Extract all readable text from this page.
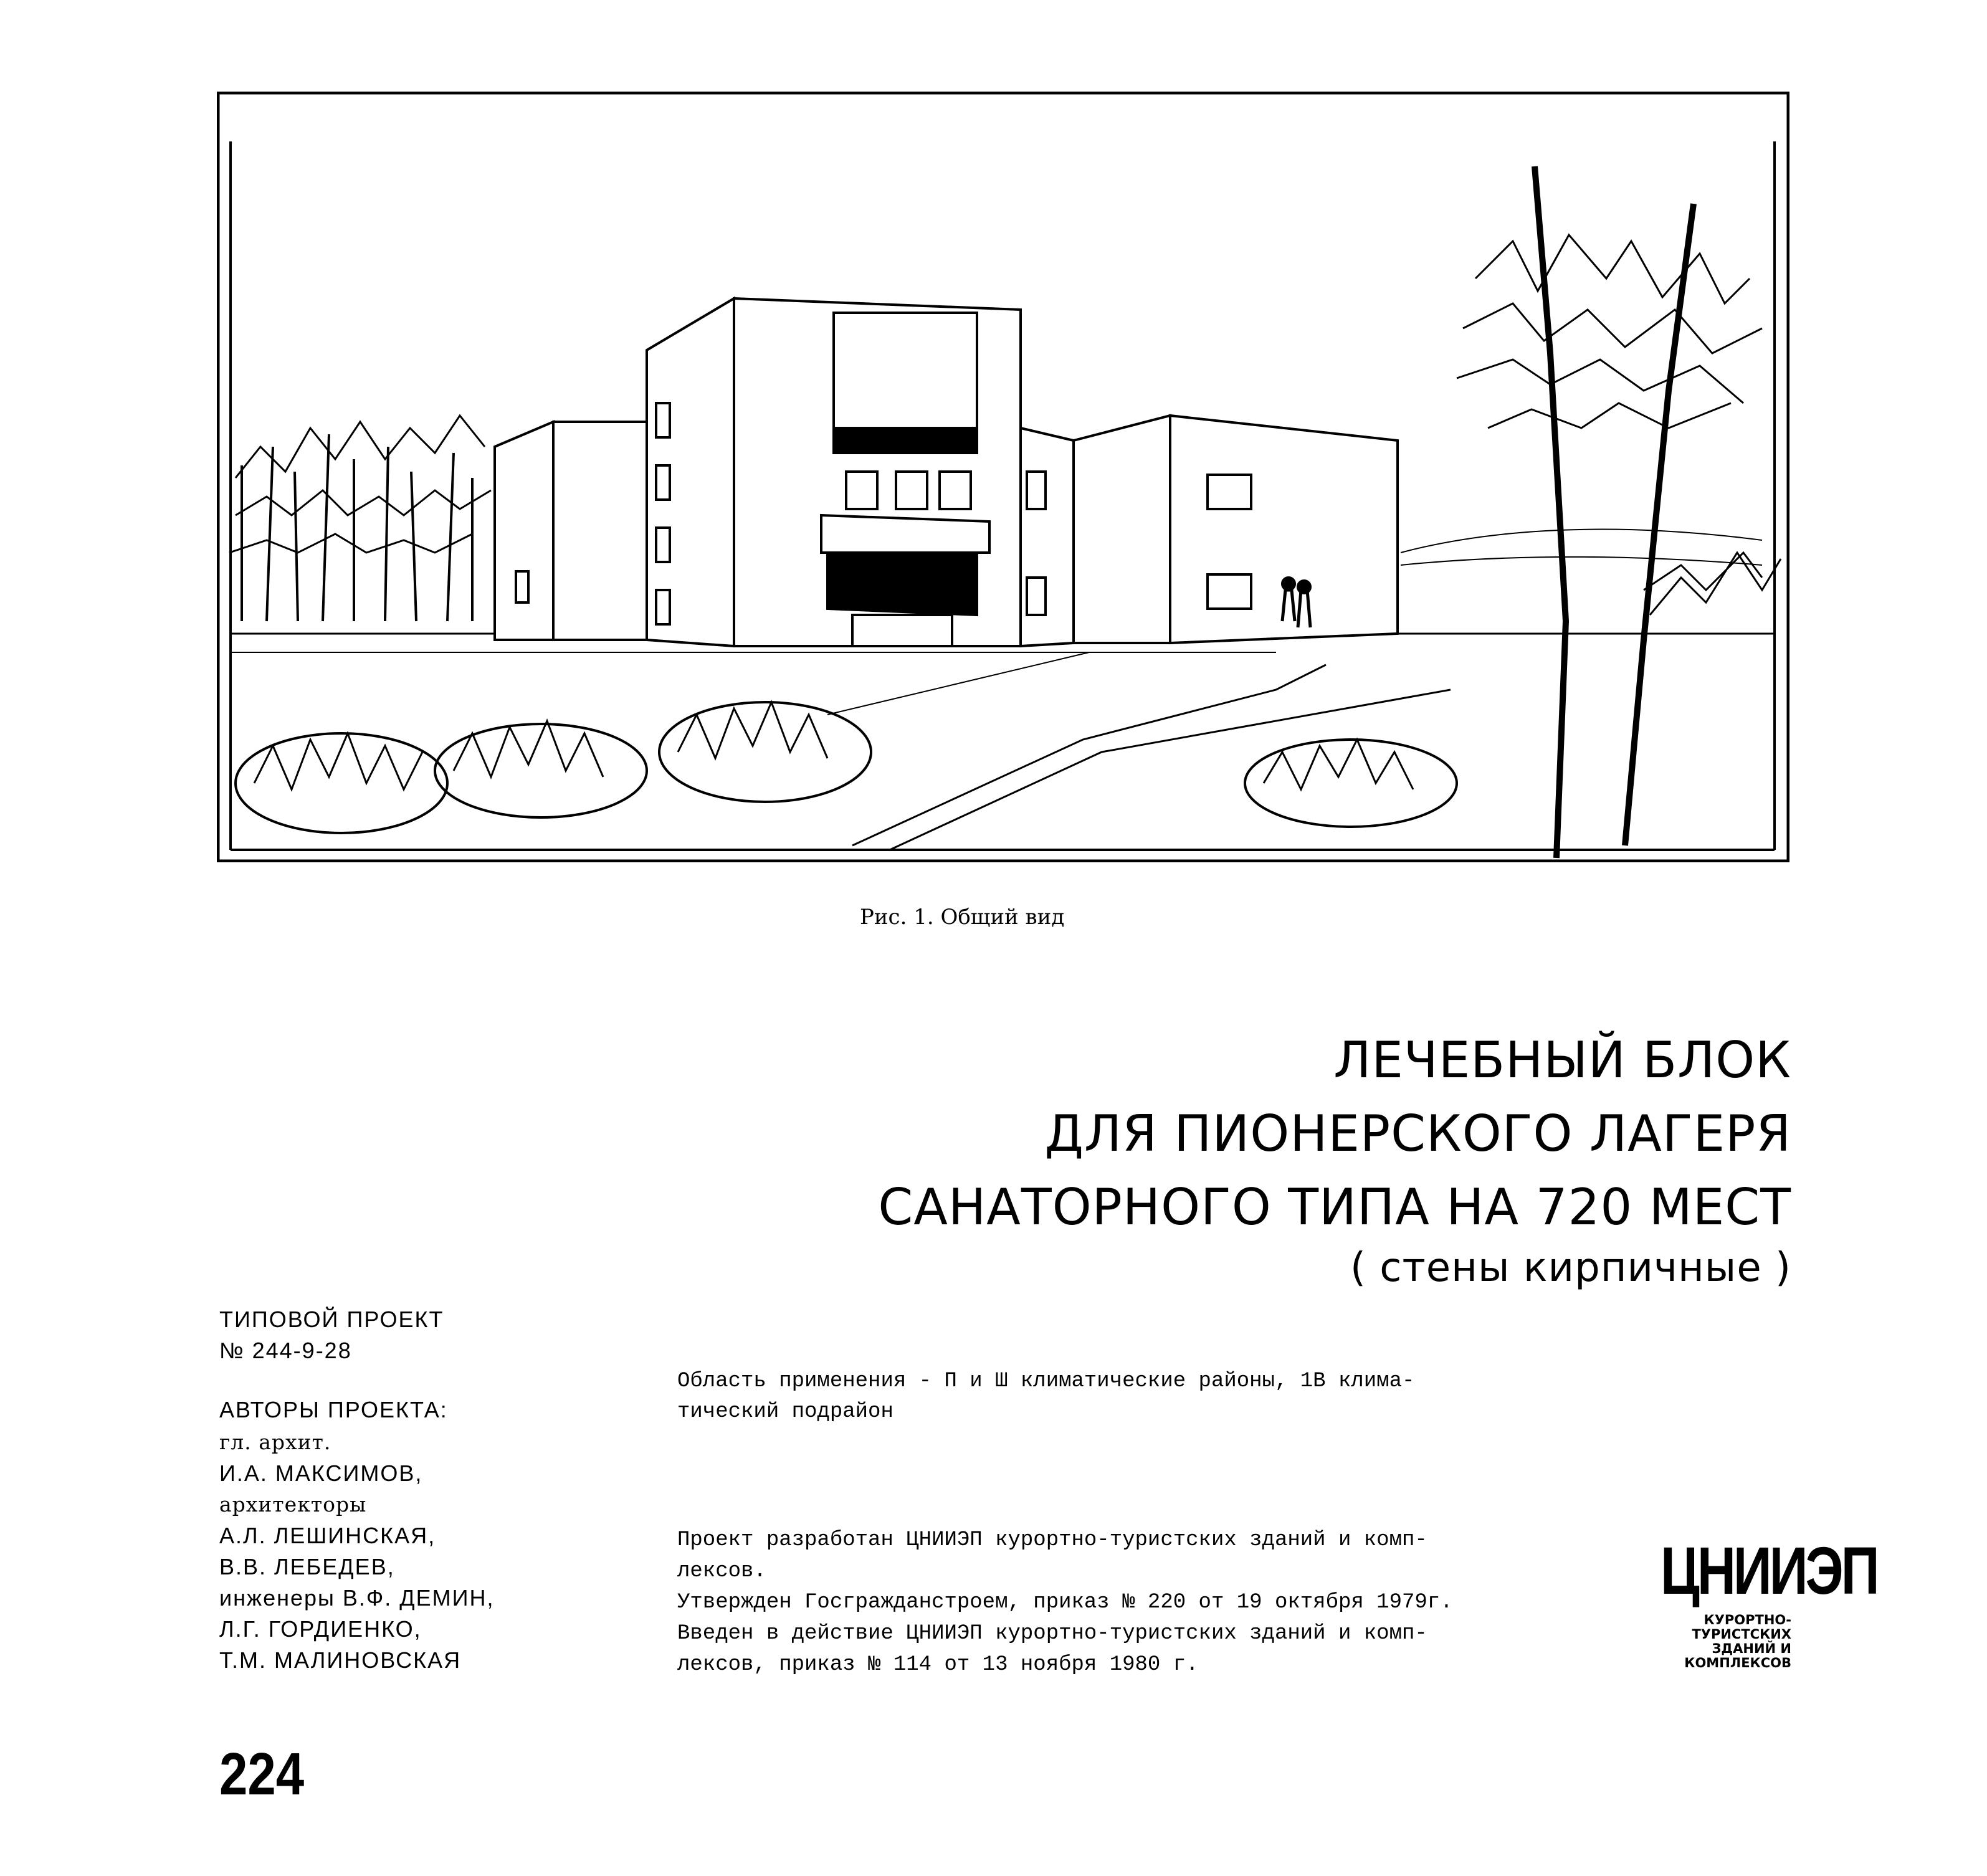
Рис. 1. Общий вид
ЛЕЧЕБНЫЙ БЛОК
ДЛЯ ПИОНЕРСКОГО ЛАГЕРЯ
САНАТОРНОГО ТИПА НА 720 МЕСТ
( стены кирпичные )
ТИПОВОЙ ПРОЕКТ
№ 244-9-28
АВТОРЫ ПРОЕКТА:
гл. архит.
И.А. МАКСИМОВ,
архитекторы
А.Л. ЛЕШИНСКАЯ,
В.В. ЛЕБЕДЕВ,
инженеры В.Ф. ДЕМИН,
Л.Г. ГОРДИЕНКО,
Т.М. МАЛИНОВСКАЯ
Область применения - П и Ш климатические районы, 1В клима-
тический подрайон
Проект разработан ЦНИИЭП курортно-туристских зданий и комп-
лексов.
Утвержден Госгражданстроем, приказ № 220 от 19 октября 1979г.
Введен в действие ЦНИИЭП курортно-туристских зданий и комп-
лексов, приказ № 114 от 13 ноября 1980 г.
ЦНИИЭП
КУРОРТНО-
ТУРИСТСКИХ
ЗДАНИЙ И
КОМПЛЕКСОВ
224
